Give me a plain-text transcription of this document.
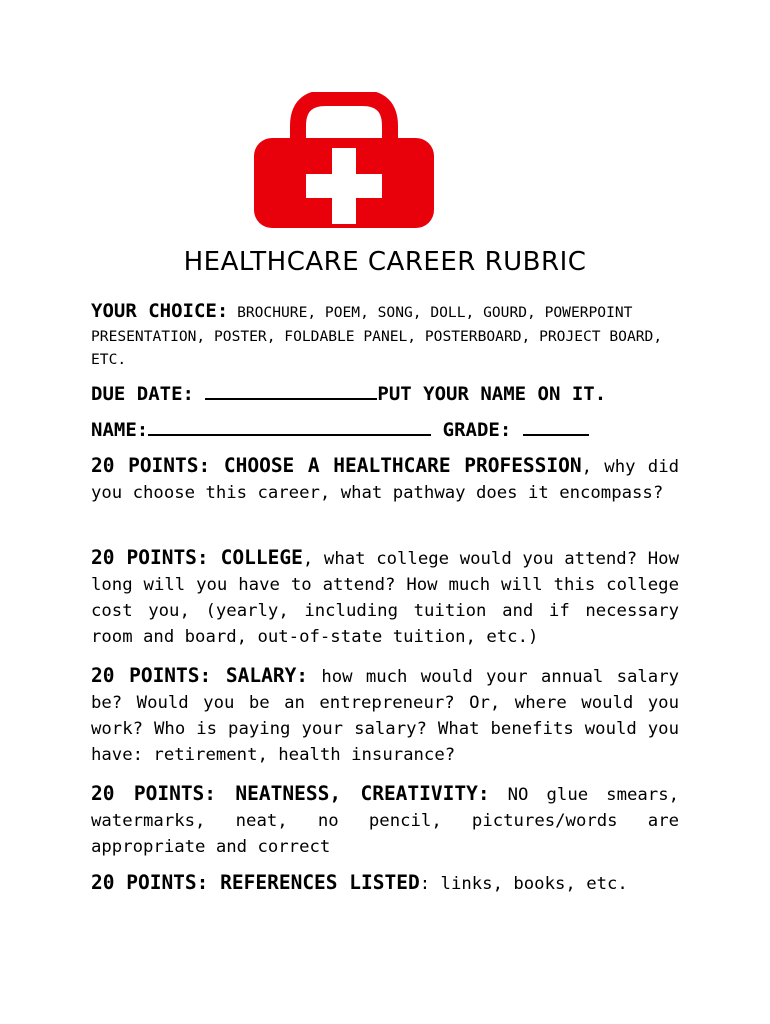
HEALTHCARE CAREER RUBRIC
YOUR CHOICE: BROCHURE, POEM, SONG, DOLL, GOURD, POWERPOINT PRESENTATION, POSTER, FOLDABLE PANEL, POSTERBOARD, PROJECT BOARD, ETC.
DUE DATE:	PUT YOUR NAME ON IT.
NAME:	GRADE:
20 POINTS: CHOOSE A HEALTHCARE PROFESSION, why did you choose this career, what pathway does it encompass?
20 POINTS: COLLEGE, what college would you attend? How long will you have to attend? How much will this college cost you, (yearly, including tuition and if necessary room and board, out-of-state tuition, etc.)
20 POINTS: SALARY: how much would your annual salary be? Would you be an entrepreneur? Or, where would you work? Who is paying your salary? What benefits would you have: retirement, health insurance?
20 POINTS: NEATNESS, CREATIVITY: NO glue smears, watermarks, neat, no pencil, pictures/words are appropriate and correct
20 POINTS: REFERENCES LISTED: links, books, etc.
